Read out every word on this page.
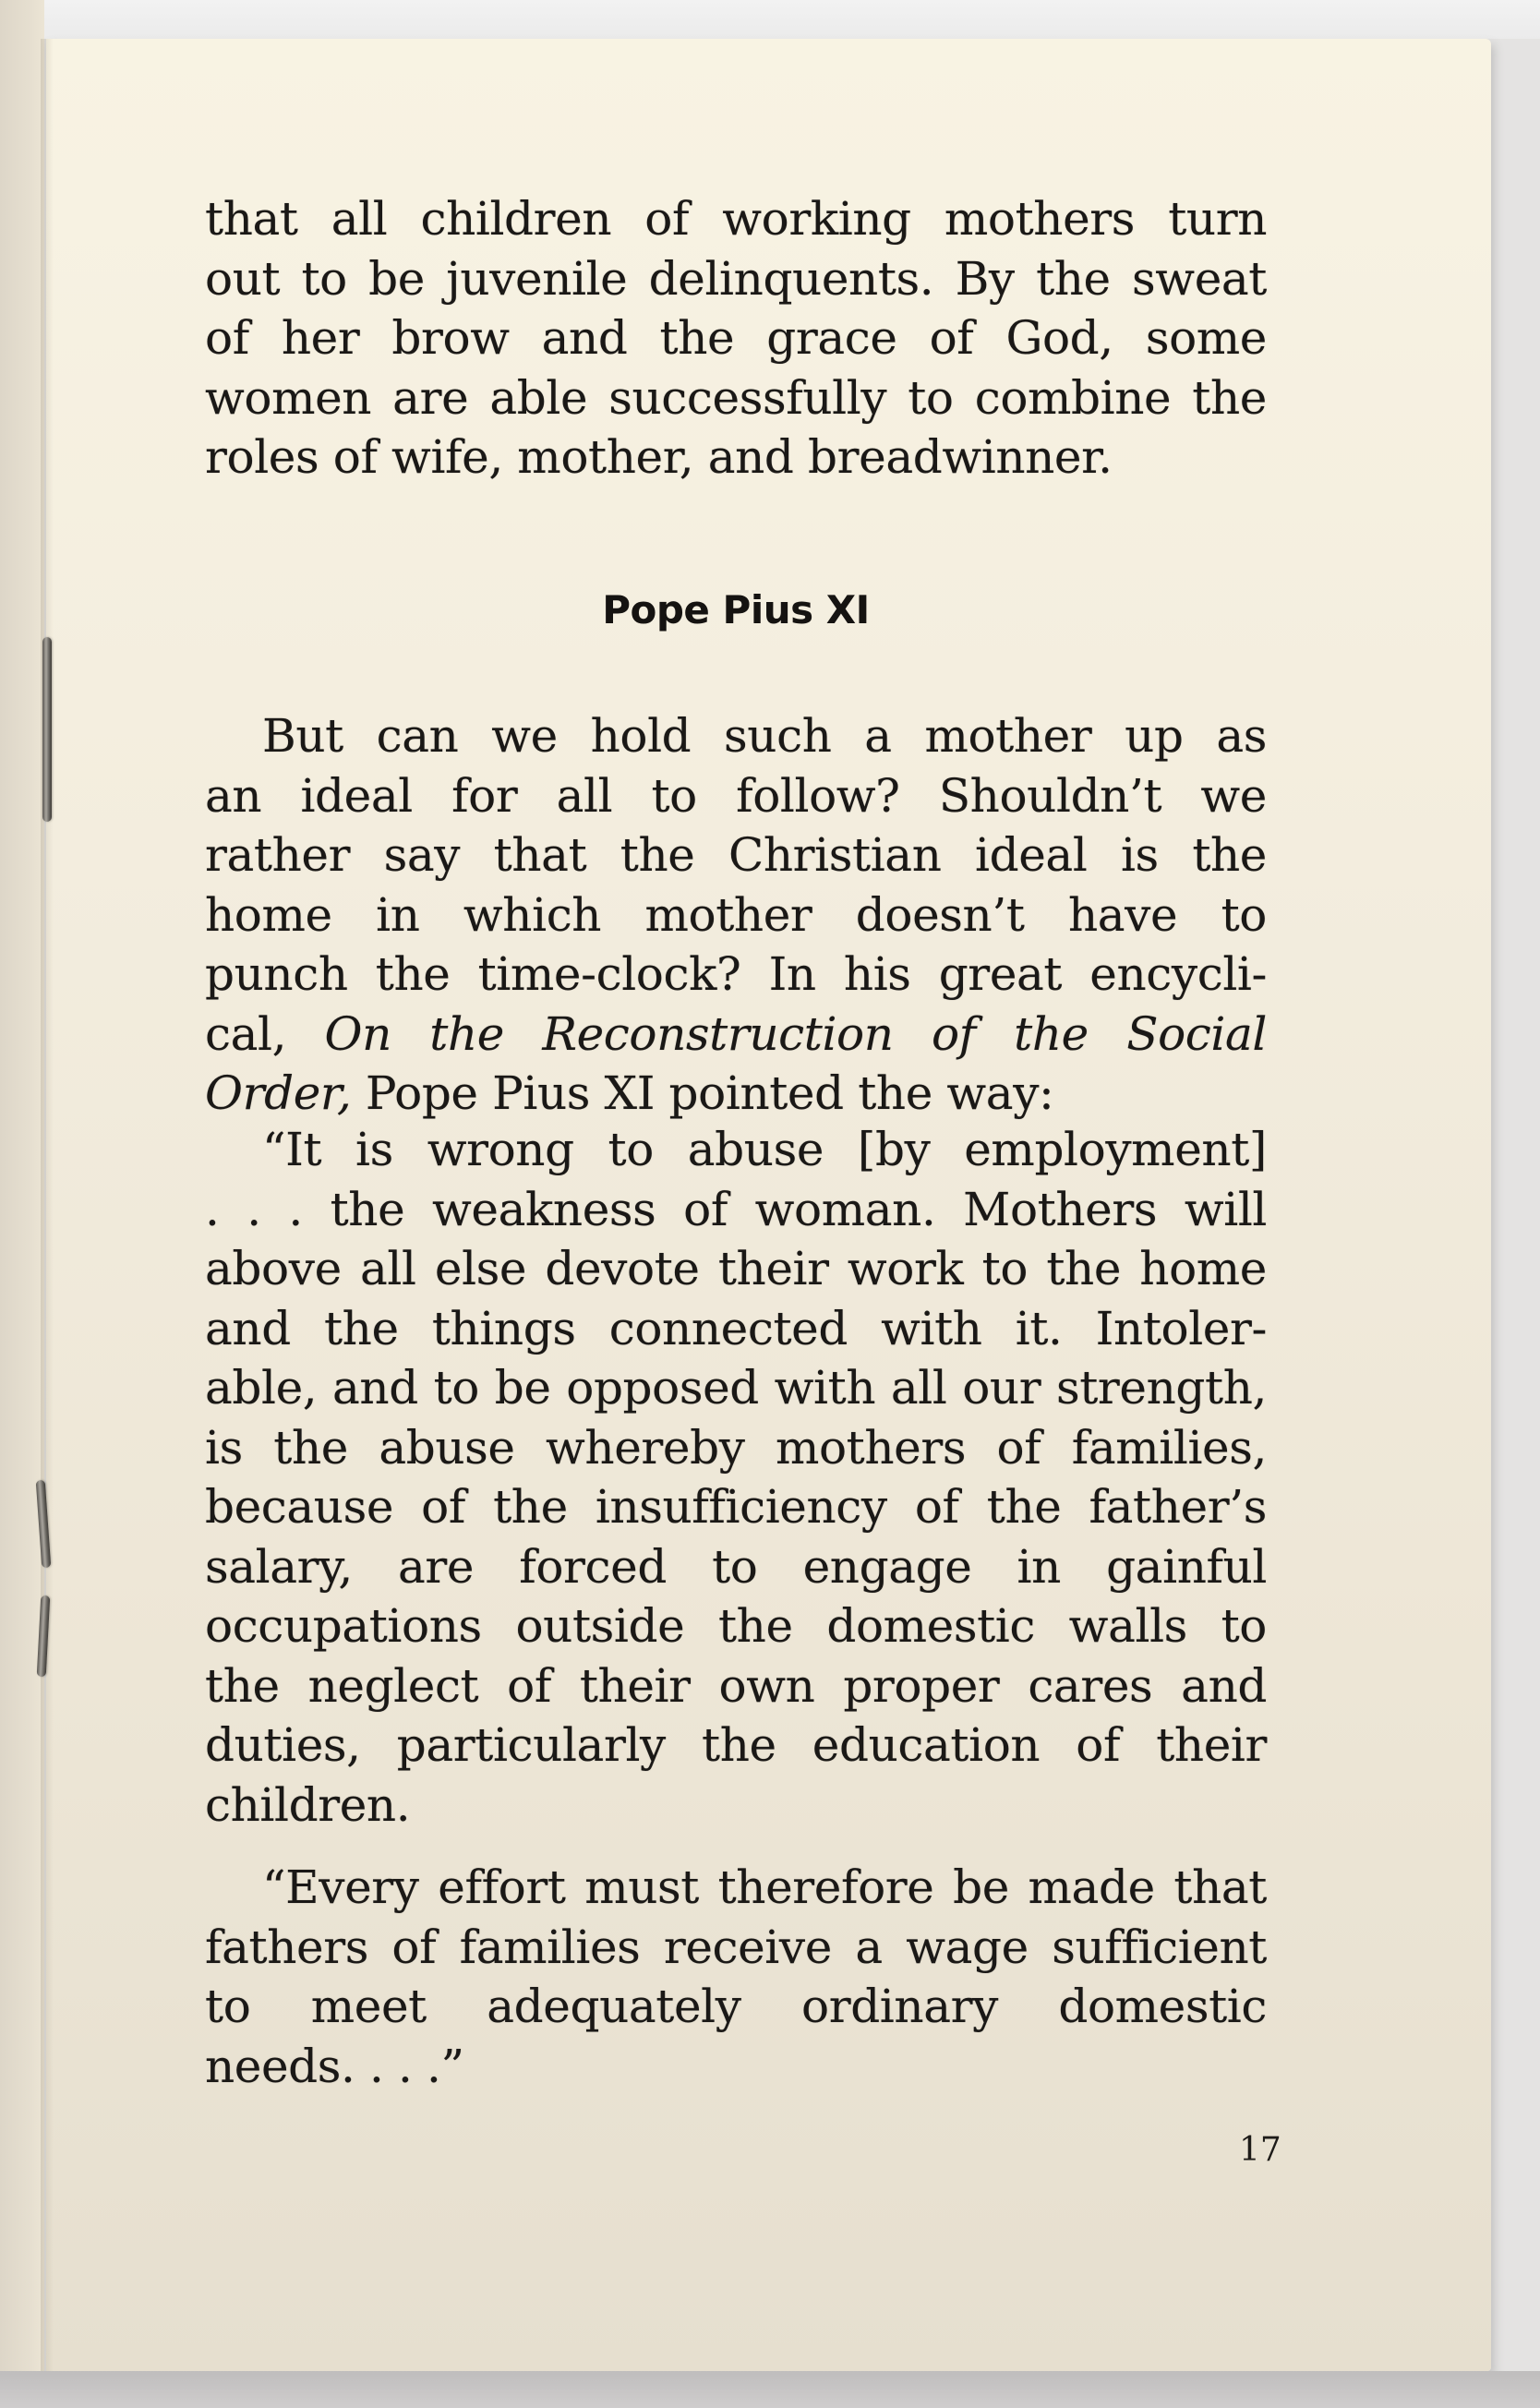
that all children of working mothers turn
out to be juvenile delinquents. By the sweat
of her brow and the grace of God, some
women are able successfully to combine the
roles of wife, mother, and breadwinner.
Pope Pius XI
But can we hold such a mother up as
an ideal for all to follow? Shouldn’t we
rather say that the Christian ideal is the
home in which mother doesn’t have to
punch the time-clock? In his great encycli-
cal, On the Reconstruction of the Social
Order, Pope Pius XI pointed the way:
“It is wrong to abuse [by employment]
. . . the weakness of woman. Mothers will
above all else devote their work to the home
and the things connected with it. Intoler-
able, and to be opposed with all our strength,
is the abuse whereby mothers of families,
because of the insufficiency of the father’s
salary, are forced to engage in gainful
occupations outside the domestic walls to
the neglect of their own proper cares and
duties, particularly the education of their
children.
“Every effort must therefore be made that
fathers of families receive a wage sufficient
to meet adequately ordinary domestic
needs. . . .”
17
